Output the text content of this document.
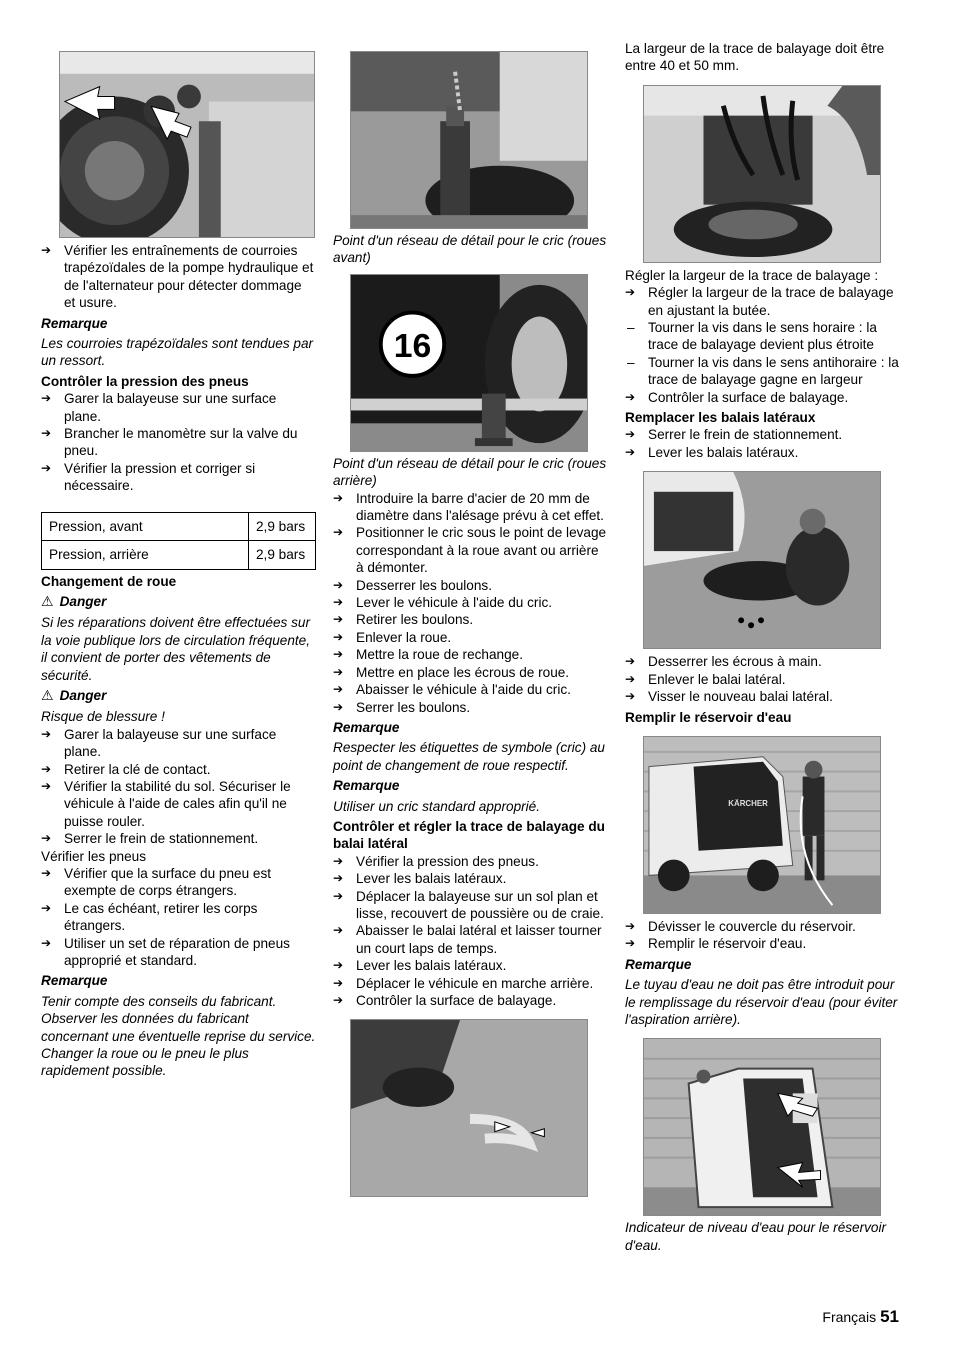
➔ Vérifier les entraînements de courroies trapézoïdales de la pompe hydraulique et de l'alternateur pour détecter dommage et usure.
Remarque
Les courroies trapézoïdales sont tendues par un ressort.
Contrôler la pression des pneus
➔ Garer la balayeuse sur une surface plane.
➔ Brancher le manomètre sur la valve du pneu.
➔ Vérifier la pression et corriger si nécessaire.
Pression, avant	2,9 bars
Pression, arrière	2,9 bars
Changement de roue
⚠ Danger
Si les réparations doivent être effectuées sur la voie publique lors de circulation fréquente, il convient de porter des vêtements de sécurité.
⚠ Danger
Risque de blessure !
➔ Garer la balayeuse sur une surface plane.
➔ Retirer la clé de contact.
➔ Vérifier la stabilité du sol. Sécuriser le véhicule à l'aide de cales afin qu'il ne puisse rouler.
➔ Serrer le frein de stationnement.
Vérifier les pneus
➔ Vérifier que la surface du pneu est exempte de corps étrangers.
➔ Le cas échéant, retirer les corps étrangers.
➔ Utiliser un set de réparation de pneus approprié et standard.
Remarque
Tenir compte des conseils du fabricant. Observer les données du fabricant concernant une éventuelle reprise du service. Changer la roue ou le pneu le plus rapidement possible.
Point d'un réseau de détail pour le cric (roues avant)
16
Point d'un réseau de détail pour le cric (roues arrière)
➔ Introduire la barre d'acier de 20 mm de diamètre dans l'alésage prévu à cet effet.
➔ Positionner le cric sous le point de levage correspondant à la roue avant ou arrière à démonter.
➔ Desserrer les boulons.
➔ Lever le véhicule à l'aide du cric.
➔ Retirer les boulons.
➔ Enlever la roue.
➔ Mettre la roue de rechange.
➔ Mettre en place les écrous de roue.
➔ Abaisser le véhicule à l'aide du cric.
➔ Serrer les boulons.
Remarque
Respecter les étiquettes de symbole (cric) au point de changement de roue respectif.
Remarque
Utiliser un cric standard approprié.
Contrôler et régler la trace de balayage du balai latéral
➔ Vérifier la pression des pneus.
➔ Lever les balais latéraux.
➔ Déplacer la balayeuse sur un sol plan et lisse, recouvert de poussière ou de craie.
➔ Abaisser le balai latéral et laisser tourner un court laps de temps.
➔ Lever les balais latéraux.
➔ Déplacer le véhicule en marche arrière.
➔ Contrôler la surface de balayage.
La largeur de la trace de balayage doit être entre 40 et 50 mm.
Régler la largeur de la trace de balayage :
➔ Régler la largeur de la trace de balayage en ajustant la butée.
– Tourner la vis dans le sens horaire : la trace de balayage devient plus étroite
– Tourner la vis dans le sens antihoraire : la trace de balayage gagne en largeur
➔ Contrôler la surface de balayage.
Remplacer les balais latéraux
➔ Serrer le frein de stationnement.
➔ Lever les balais latéraux.
➔ Desserrer les écrous à main.
➔ Enlever le balai latéral.
➔ Visser le nouveau balai latéral.
Remplir le réservoir d'eau
KÄRCHER
➔ Dévisser le couvercle du réservoir.
➔ Remplir le réservoir d'eau.
Remarque
Le tuyau d'eau ne doit pas être introduit pour le remplissage du réservoir d'eau (pour éviter l'aspiration arrière).
Indicateur de niveau d'eau pour le réservoir d'eau.
Français 51
